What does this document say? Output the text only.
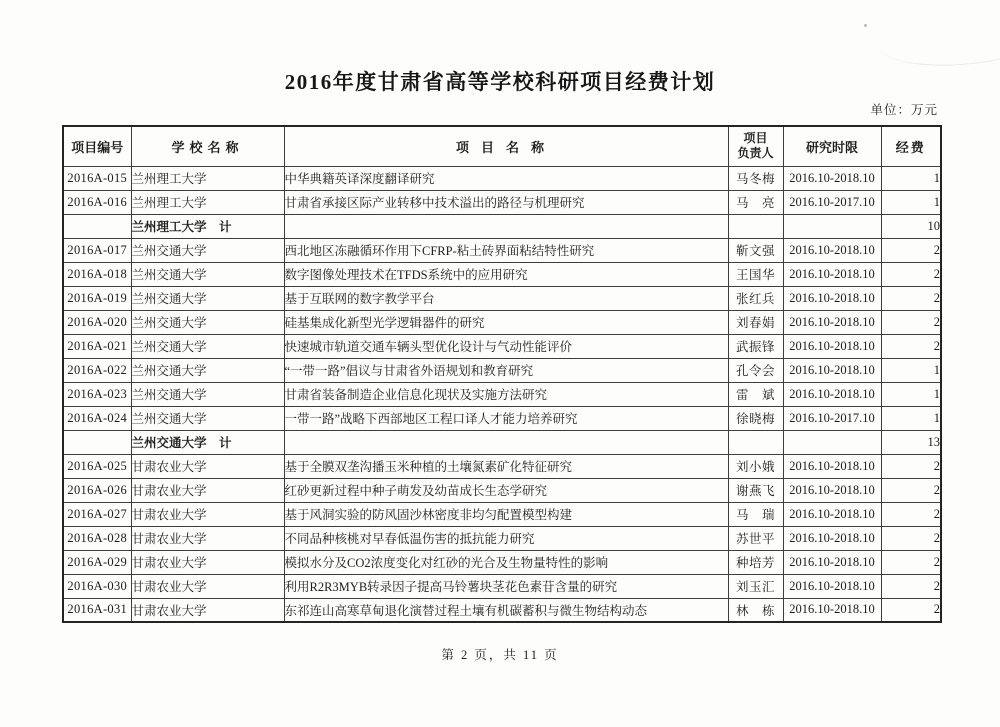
2016年度甘肃省高等学校科研项目经费计划
单位：万元
项目编号	学校名称	项目名称	项目
负责人	研究时限	经费
2016A-015	兰州理工大学	中华典籍英译深度翻译研究	马冬梅	2016.10-2018.10	1
2016A-016	兰州理工大学	甘肃省承接区际产业转移中技术溢出的路径与机理研究	马　亮	2016.10-2017.10	1
	兰州理工大学　计				10
2016A-017	兰州交通大学	西北地区冻融循环作用下CFRP-粘土砖界面粘结特性研究	靳文强	2016.10-2018.10	2
2016A-018	兰州交通大学	数字图像处理技术在TFDS系统中的应用研究	王国华	2016.10-2018.10	2
2016A-019	兰州交通大学	基于互联网的数字教学平台	张红兵	2016.10-2018.10	2
2016A-020	兰州交通大学	硅基集成化新型光学逻辑器件的研究	刘春娟	2016.10-2018.10	2
2016A-021	兰州交通大学	快速城市轨道交通车辆头型优化设计与气动性能评价	武振锋	2016.10-2018.10	2
2016A-022	兰州交通大学	“一带一路”倡议与甘肃省外语规划和教育研究	孔令会	2016.10-2018.10	1
2016A-023	兰州交通大学	甘肃省装备制造企业信息化现状及实施方法研究	雷　斌	2016.10-2018.10	1
2016A-024	兰州交通大学	一带一路”战略下西部地区工程口译人才能力培养研究	徐晓梅	2016.10-2017.10	1
	兰州交通大学　计				13
2016A-025	甘肃农业大学	基于全膜双垄沟播玉米种植的土壤氮素矿化特征研究	刘小娥	2016.10-2018.10	2
2016A-026	甘肃农业大学	红砂更新过程中种子萌发及幼苗成长生态学研究	谢燕飞	2016.10-2018.10	2
2016A-027	甘肃农业大学	基于风洞实验的防风固沙林密度非均匀配置模型构建	马　瑞	2016.10-2018.10	2
2016A-028	甘肃农业大学	不同品种核桃对早春低温伤害的抵抗能力研究	苏世平	2016.10-2018.10	2
2016A-029	甘肃农业大学	模拟水分及CO2浓度变化对红砂的光合及生物量特性的影响	种培芳	2016.10-2018.10	2
2016A-030	甘肃农业大学	利用R2R3MYB转录因子提高马铃薯块茎花色素苷含量的研究	刘玉汇	2016.10-2018.10	2
2016A-031	甘肃农业大学	东祁连山高寒草甸退化演替过程土壤有机碳蓄积与微生物结构动态	林　栋	2016.10-2018.10	2
第 2 页，共 11 页
